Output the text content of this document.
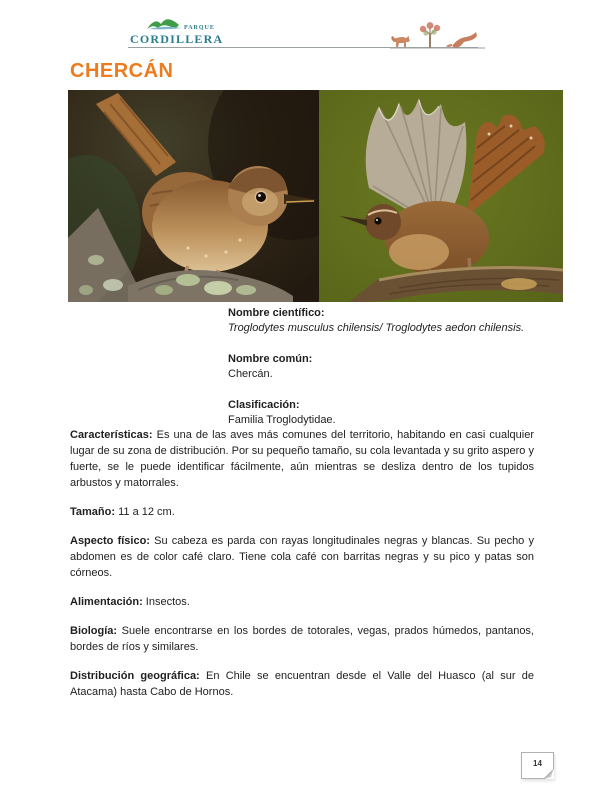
PARQUE
CORDILLERA
CHERCÁN
Nombre científico:
Troglodytes musculus chilensis/ Troglodytes aedon chilensis.
Nombre común:
Chercán.
Clasificación:
Familia Troglodytidae.

Características: Es una de las aves más comunes del territorio, habitando en casi cualquier lugar de su zona de distribución. Por su pequeño tamaño, su cola levantada y su grito aspero y fuerte, se le puede identificar fácilmente, aún mientras se desliza dentro de los tupidos arbustos y matorrales.

Tamaño: 11 a 12 cm.

Aspecto físico: Su cabeza es parda con rayas longitudinales negras y blancas. Su pecho y abdomen es de color café claro. Tiene cola café con barritas negras y su pico y patas son córneos.

Alimentación: Insectos.

Biología: Suele encontrarse en los bordes de totorales, vegas, prados húmedos, pantanos, bordes de ríos y similares.

Distribución geográfica: En Chile se encuentran desde el Valle del Huasco (al sur de Atacama) hasta Cabo de Hornos.

14
